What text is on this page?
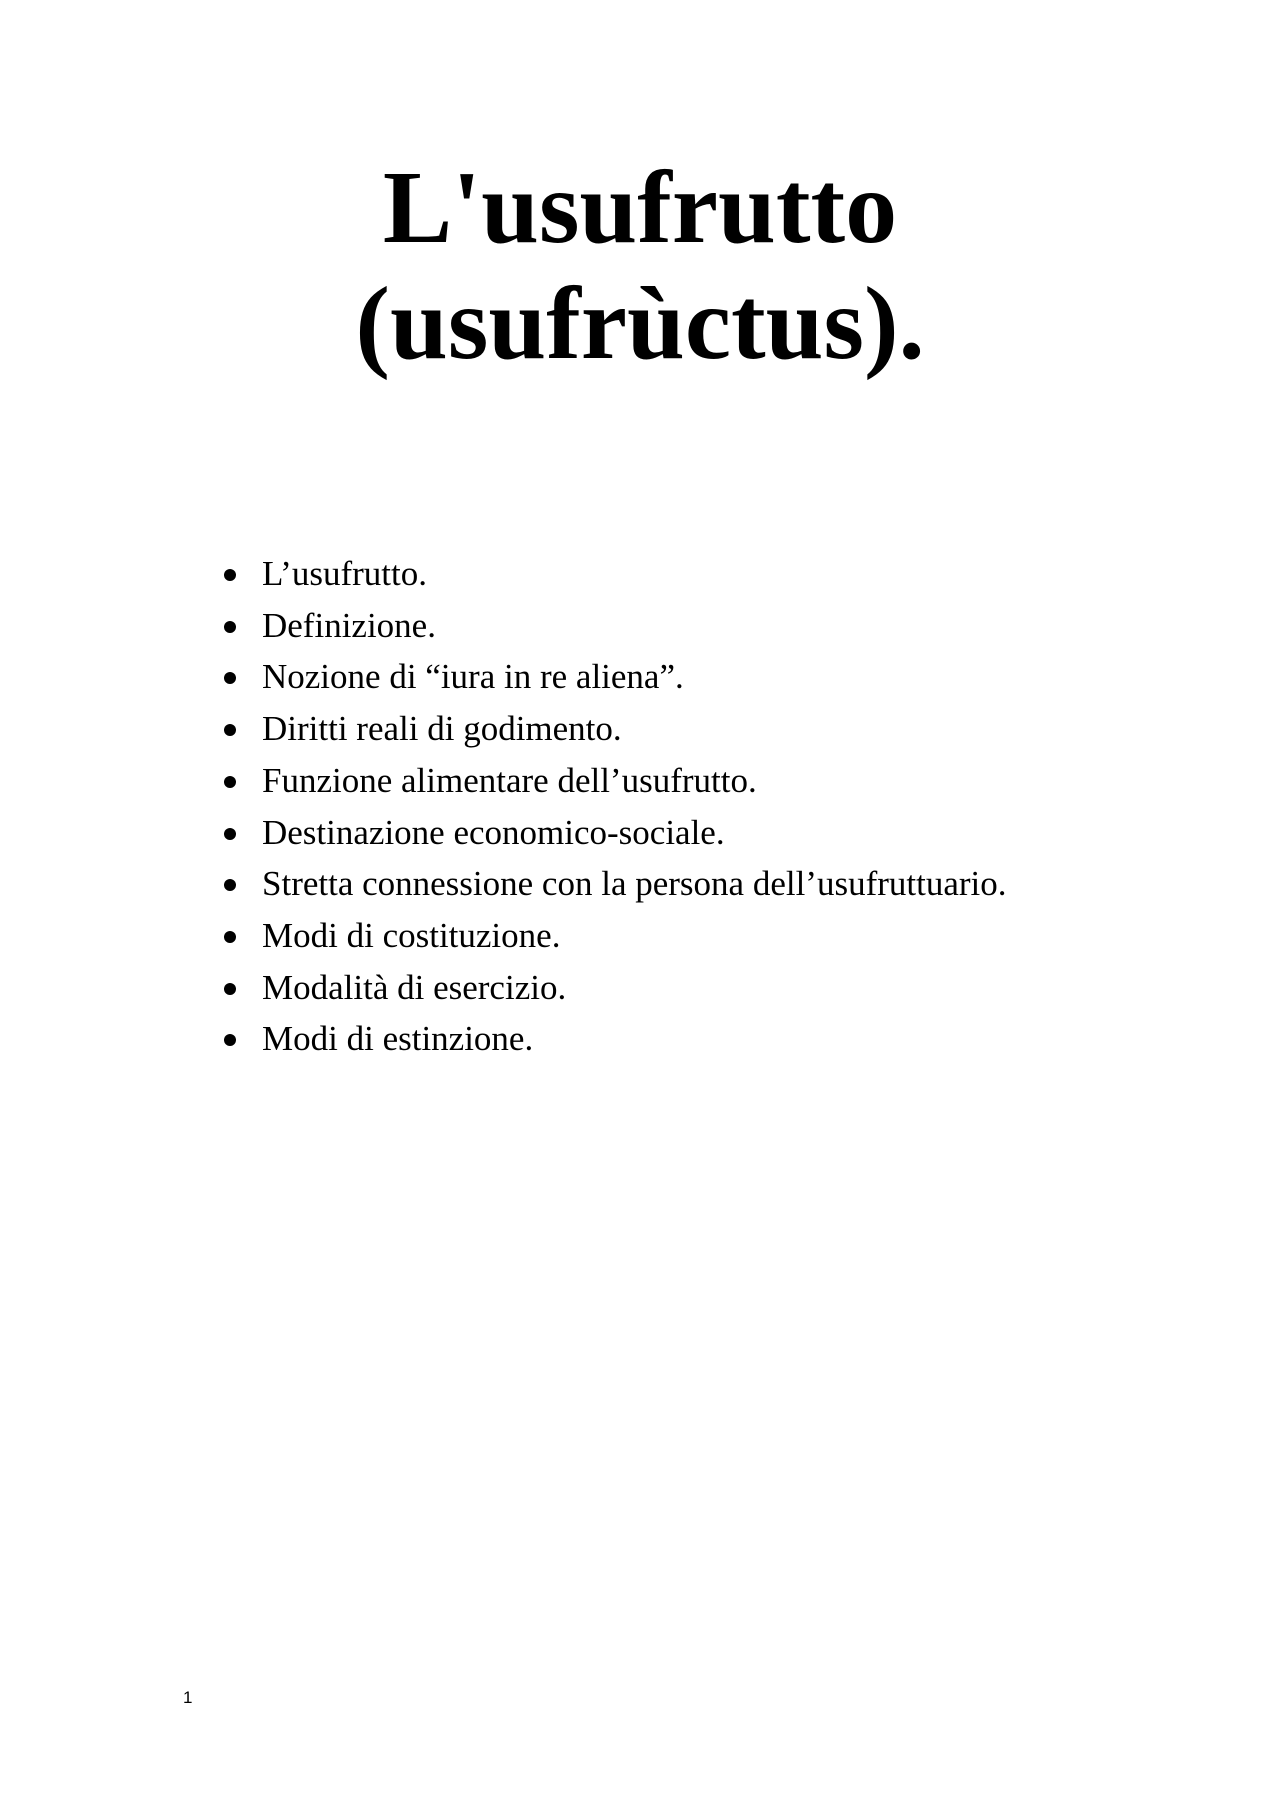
L'usufrutto
(usufrùctus).
L’usufrutto.
Definizione.
Nozione di “iura in re aliena”.
Diritti reali di godimento.
Funzione alimentare dell’usufrutto.
Destinazione economico-sociale.
Stretta connessione con la persona dell’usufruttuario.
Modi di costituzione.
Modalità di esercizio.
Modi di estinzione.
1
